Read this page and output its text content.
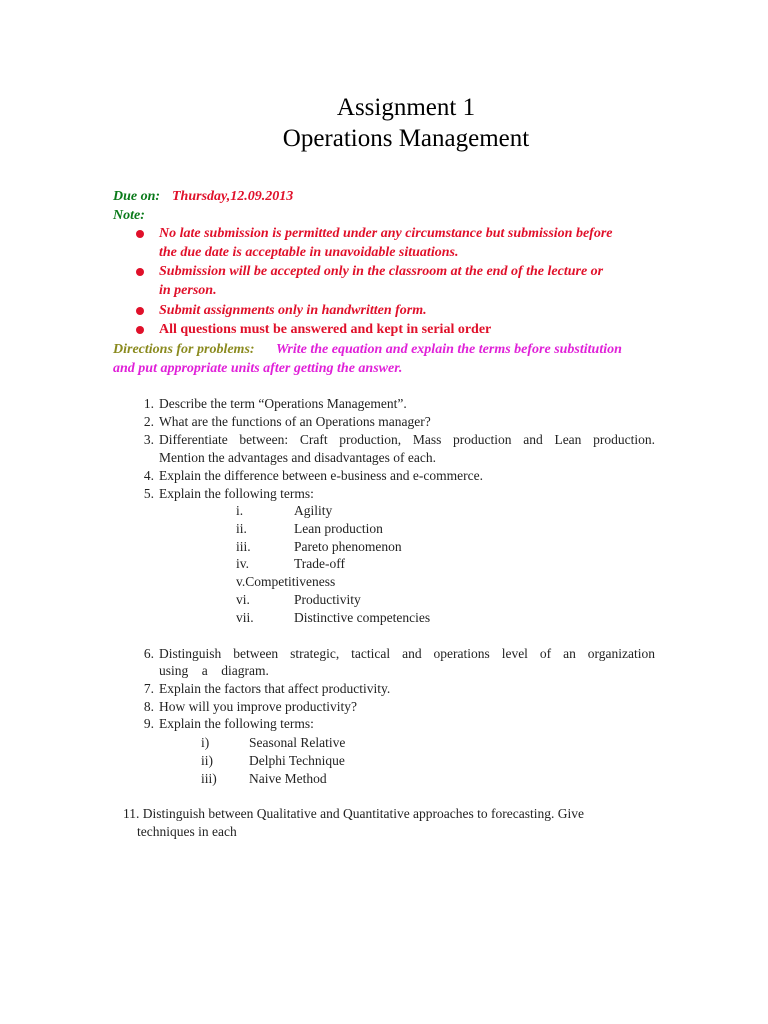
Assignment 1
Operations Management
Due on: Thursday,12.09.2013
Note:
No late submission is permitted under any circumstance but submission before
the due date is acceptable in unavoidable situations.
Submission will be accepted only in the classroom at the end of the lecture or
in person.
Submit assignments only in handwritten form.
All questions must be answered and kept in serial order
Directions for problems: Write the equation and explain the terms before substitution
and put appropriate units after getting the answer.
1. Describe the term “Operations Management”.
2. What are the functions of an Operations manager?
3. Differentiate between: Craft production, Mass production and Lean production.
Mention the advantages and disadvantages of each.
4. Explain the difference between e-business and e-commerce.
5. Explain the following terms:
i.	Agility
ii.	Lean production
iii.	Pareto phenomenon
iv.	Trade-off
v.Competitiveness
vi.	Productivity
vii.	Distinctive competencies
6. Distinguish between strategic, tactical and operations level of an organization
using    a    diagram.
7. Explain the factors that affect productivity.
8. How will you improve productivity?
9. Explain the following terms:
i)	Seasonal Relative
ii)	Delphi Technique
iii) Naive Method
11. Distinguish between Qualitative and Quantitative approaches to forecasting. Give
techniques in each
